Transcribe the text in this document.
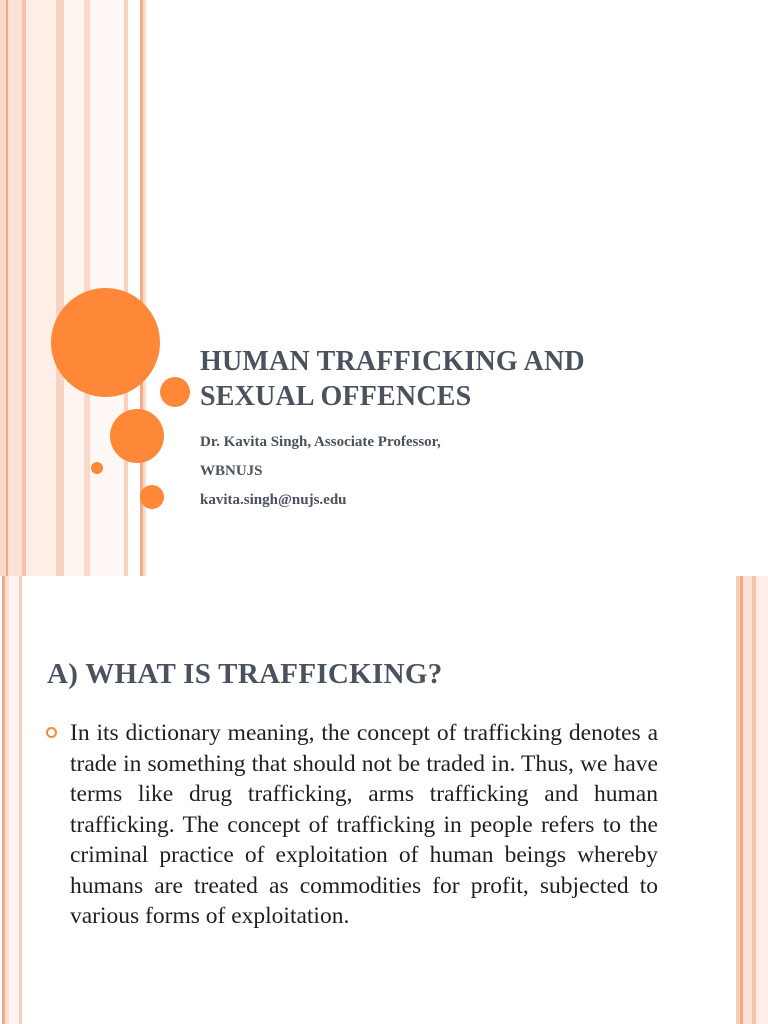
HUMAN TRAFFICKING AND
SEXUAL OFFENCES
Dr. Kavita Singh, Associate Professor,
WBNUJS
kavita.singh@nujs.edu
A) WHAT IS TRAFFICKING?

In its dictionary meaning, the concept of trafficking denotes a trade in something that should not be traded in. Thus, we have terms like drug trafficking, arms trafficking and human trafficking. The concept of trafficking in people refers to the criminal practice of exploitation of human beings whereby humans are treated as commodities for profit, subjected to various forms of exploitation.
